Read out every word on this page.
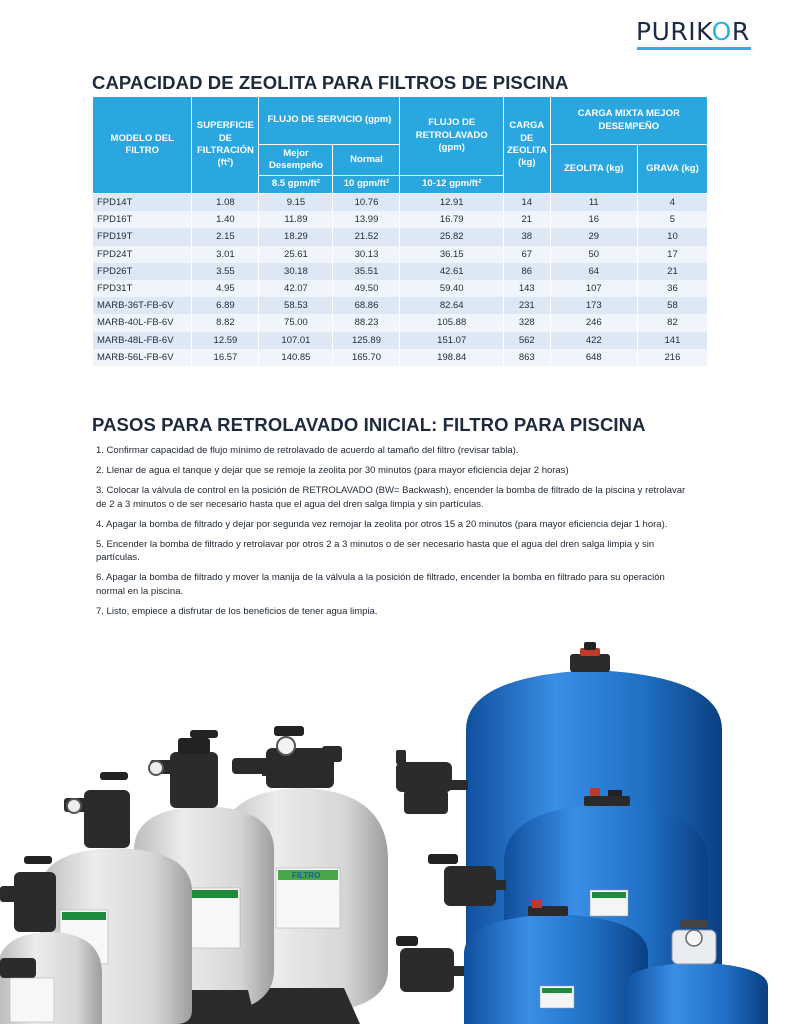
PURIKOR
CAPACIDAD DE ZEOLITA PARA FILTROS DE PISCINA
MODELO DEL FILTRO	SUPERFICIE DE FILTRACIÓN (ft²)	FLUJO DE SERVICIO (gpm)		FLUJO DE RETROLAVADO (gpm)	CARGA DE ZEOLITA (kg)	CARGA MIXTA MEJOR DESEMPEÑO	
		Mejor Desempeño	Normal			ZEOLITA (kg)	GRAVA (kg)
		8.5 gpm/ft²	10 gpm/ft²	10-12 gpm/ft²			
FPD14T	1.08	9.15	10.76	12.91	14	11	4
FPD16T	1.40	11.89	13.99	16.79	21	16	5
FPD19T	2.15	18.29	21.52	25.82	38	29	10
FPD24T	3.01	25.61	30.13	36.15	67	50	17
FPD26T	3.55	30.18	35.51	42.61	86	64	21
FPD31T	4.95	42.07	49.50	59.40	143	107	36
MARB-36T-FB-6V	6.89	58.53	68.86	82.64	231	173	58
MARB-40L-FB-6V	8.82	75.00	88.23	105.88	328	246	82
MARB-48L-FB-6V	12.59	107.01	125.89	151.07	562	422	141
MARB-56L-FB-6V	16.57	140.85	165.70	198.84	863	648	216
PASOS PARA RETROLAVADO INICIAL: FILTRO PARA PISCINA

1. Confirmar capacidad de flujo mínimo de retrolavado de acuerdo al tamaño del filtro (revisar tabla).

2. Llenar de agua el tanque y dejar que se remoje la zeolita por 30 minutos (para mayor eficiencia dejar 2 horas)

3. Colocar la válvula de control en la posición de RETROLAVADO (BW= Backwash), encender la bomba de filtrado de la piscina y retrolavar de 2 a 3 minutos o de ser necesario hasta que el agua del dren salga limpia y sin partículas.

4. Apagar la bomba de filtrado y dejar por segunda vez remojar la zeolita por otros 15 a 20 minutos (para mayor eficiencia dejar 1 hora).

5. Encender la bomba de filtrado y retrolavar por otros 2 a 3 minutos o de ser necesario hasta que el agua del dren salga limpia y sin partículas.

6. Apagar la bomba de filtrado y mover la manija de la válvula a la posición de filtrado, encender la bomba en filtrado para su operación normal en la piscina.

7. Listo, empiece a disfrutar de los beneficios de tener agua limpia.

FILTRO
